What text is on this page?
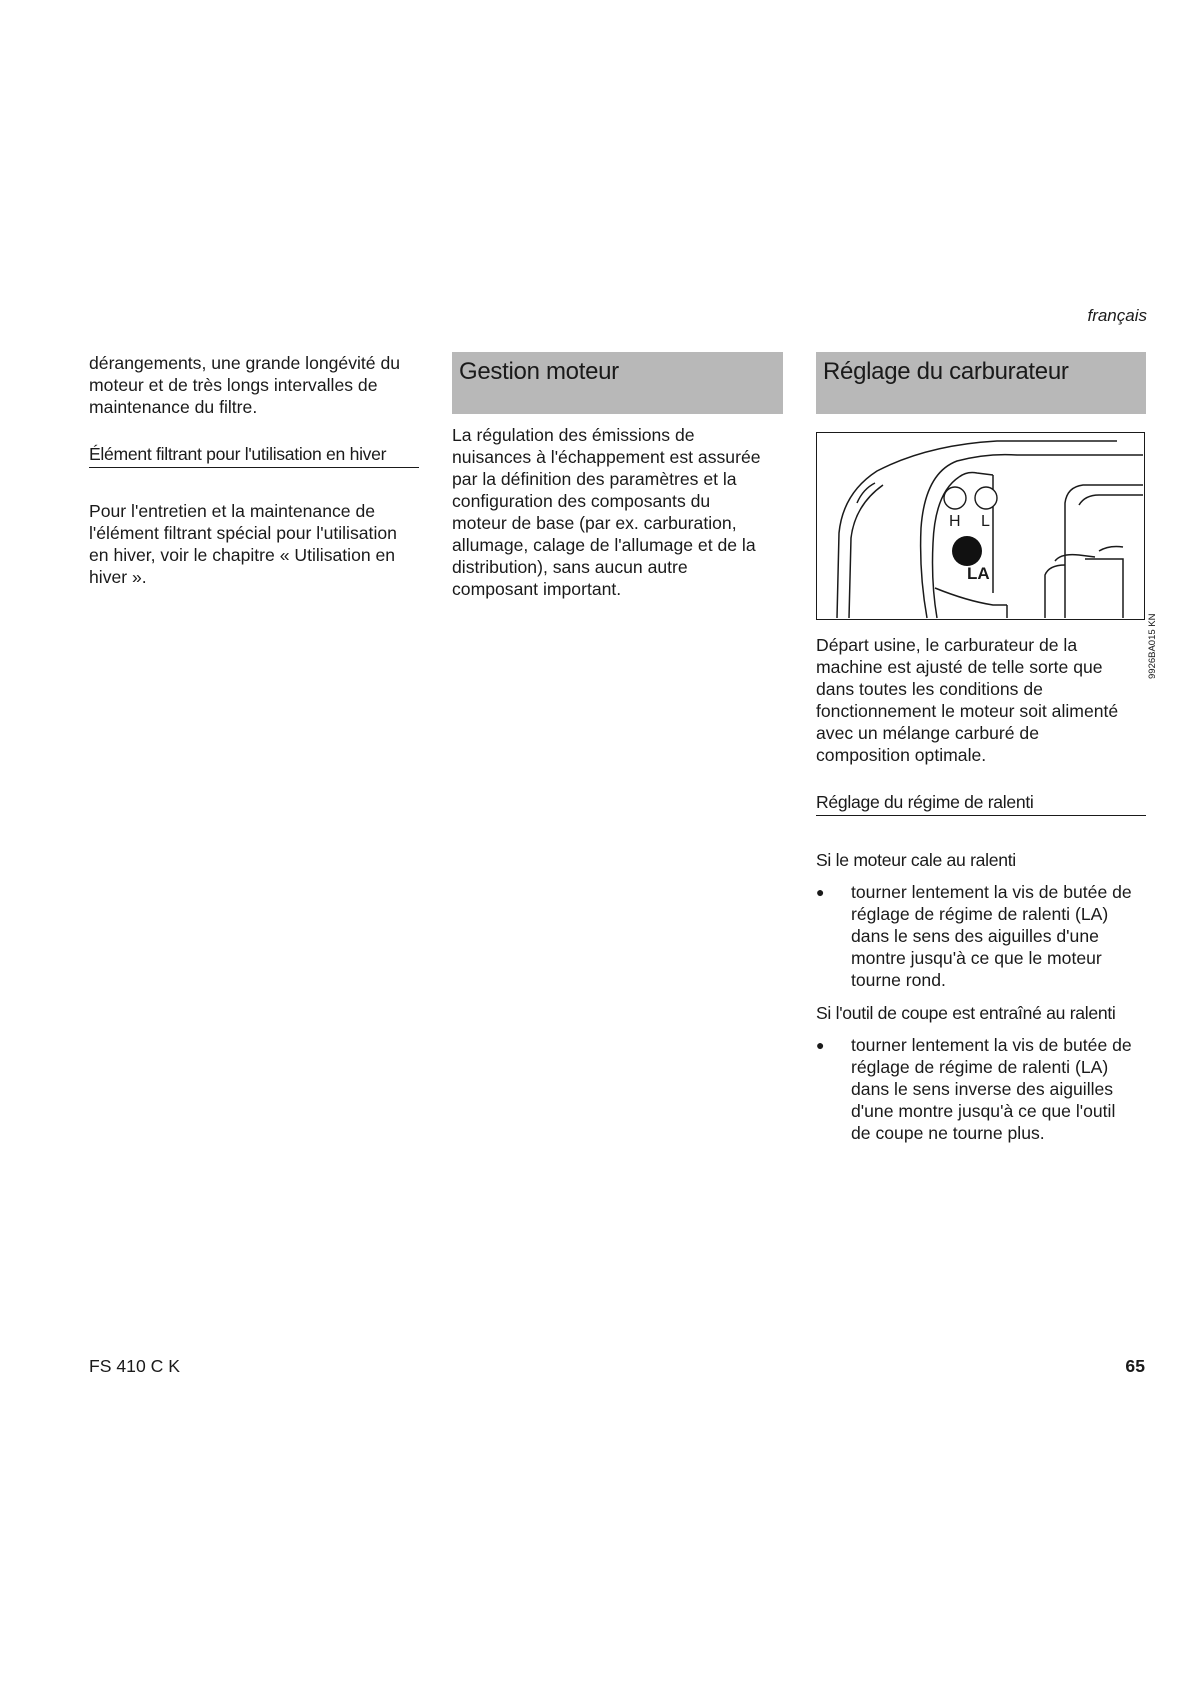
français

dérangements, une grande longévité du

moteur et de très longs intervalles de

maintenance du filtre.

Élément filtrant pour l'utilisation en hiver

Pour l'entretien et la maintenance de

l'élément filtrant spécial pour l'utilisation

en hiver, voir le chapitre « Utilisation en

hiver ».

Gestion moteur

La régulation des émissions de

nuisances à l'échappement est assurée

par la définition des paramètres et la

configuration des composants du

moteur de base (par ex. carburation,

allumage, calage de l'allumage et de la

distribution), sans aucun autre

composant important.

Réglage du carburateur
H L
LA
9926BA015 KN

Départ usine, le carburateur de la

machine est ajusté de telle sorte que

dans toutes les conditions de

fonctionnement le moteur soit alimenté

avec un mélange carburé de

composition optimale.

Réglage du régime de ralenti
Si le moteur cale au ralenti
●	tourner lentement la vis de butée de

réglage de régime de ralenti (LA)

dans le sens des aiguilles d'une

montre jusqu'à ce que le moteur

tourne rond.

Si l'outil de coupe est entraîné au ralenti
●	tourner lentement la vis de butée de

réglage de régime de ralenti (LA)

dans le sens inverse des aiguilles

d'une montre jusqu'à ce que l'outil

de coupe ne tourne plus.

FS 410 C K	65
